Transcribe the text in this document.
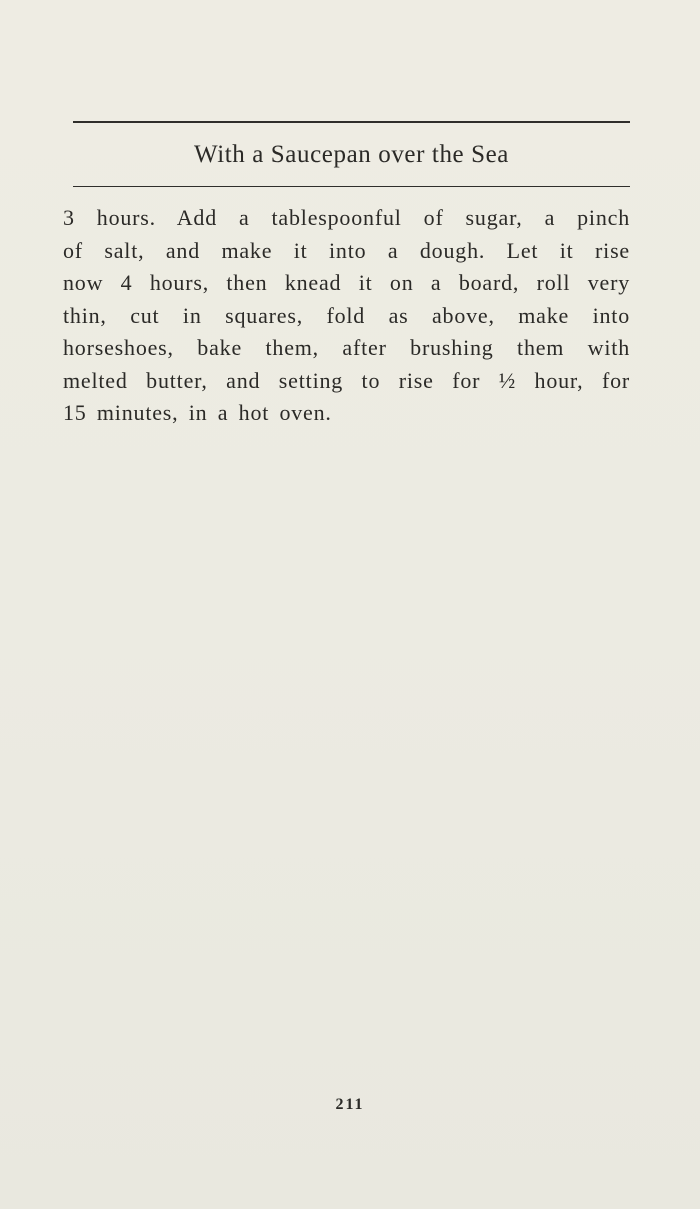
With a Saucepan over the Sea
3 hours. Add a tablespoonful of sugar, a pinch
of salt, and make it into a dough. Let it rise
now 4 hours, then knead it on a board, roll very
thin, cut in squares, fold as above, make into
horseshoes, bake them, after brushing them with
melted butter, and setting to rise for ½ hour, for
15 minutes, in a hot oven.
211
